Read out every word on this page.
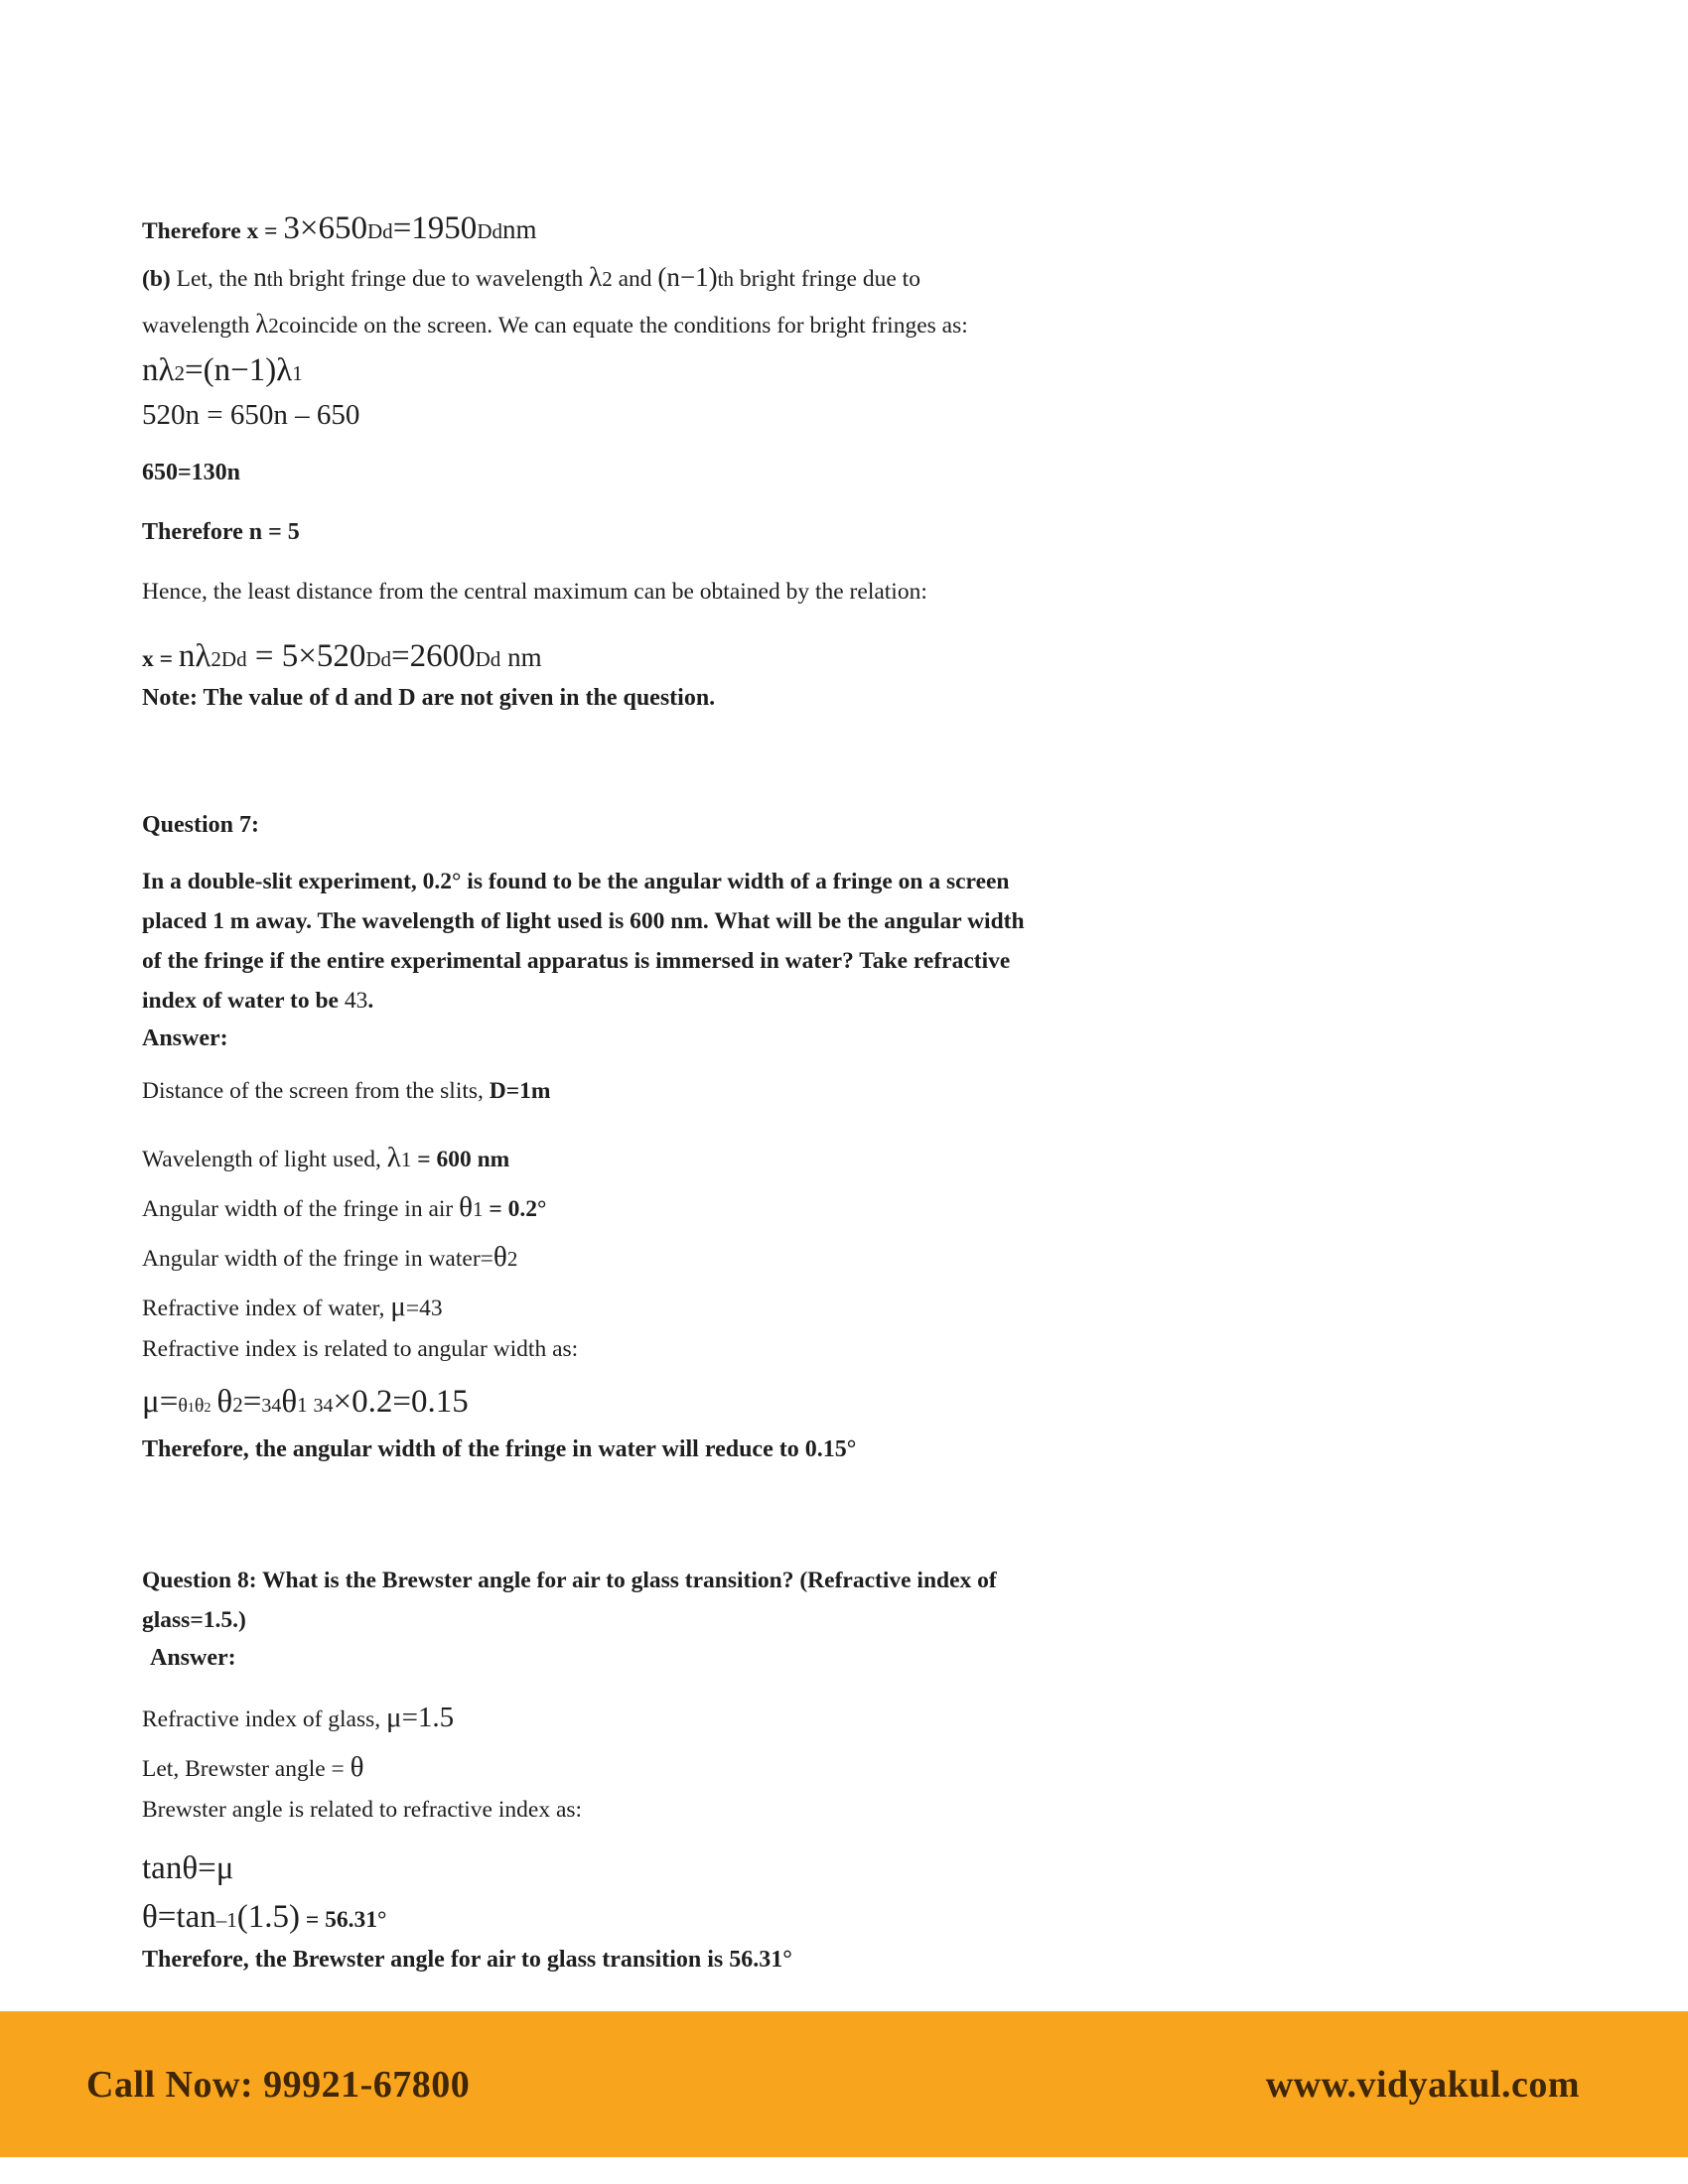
Therefore x = 3×650Dd=1950Ddnm
(b) Let, the nth bright fringe due to wavelength λ2 and (n−1)th bright fringe due to
wavelength λ2coincide on the screen. We can equate the conditions for bright fringes as:
nλ2=(n−1)λ1
520n = 650n – 650
650=130n
Therefore n = 5
Hence, the least distance from the central maximum can be obtained by the relation:
x = nλ2Dd = 5×520Dd=2600Dd nm
Note: The value of d and D are not given in the question.
Question 7:
In a double-slit experiment, 0.2° is found to be the angular width of a fringe on a screen
placed 1 m away. The wavelength of light used is 600 nm. What will be the angular width
of the fringe if the entire experimental apparatus is immersed in water? Take refractive
index of water to be 43.
Answer:
Distance of the screen from the slits, D=1m
Wavelength of light used, λ1 = 600 nm
Angular width of the fringe in air θ1 = 0.2°
Angular width of the fringe in water=θ2
Refractive index of water, μ=43
Refractive index is related to angular width as:
μ=θ1θ2 θ2=34θ1 34×0.2=0.15
Therefore, the angular width of the fringe in water will reduce to 0.15°
Question 8: What is the Brewster angle for air to glass transition? (Refractive index of
glass=1.5.)
Answer:
Refractive index of glass, μ=1.5
Let, Brewster angle = θ
Brewster angle is related to refractive index as:
tanθ=μ
θ=tan–1(1.5) = 56.31°
Therefore, the Brewster angle for air to glass transition is 56.31°
Call Now: 99921-67800	www.vidyakul.com
